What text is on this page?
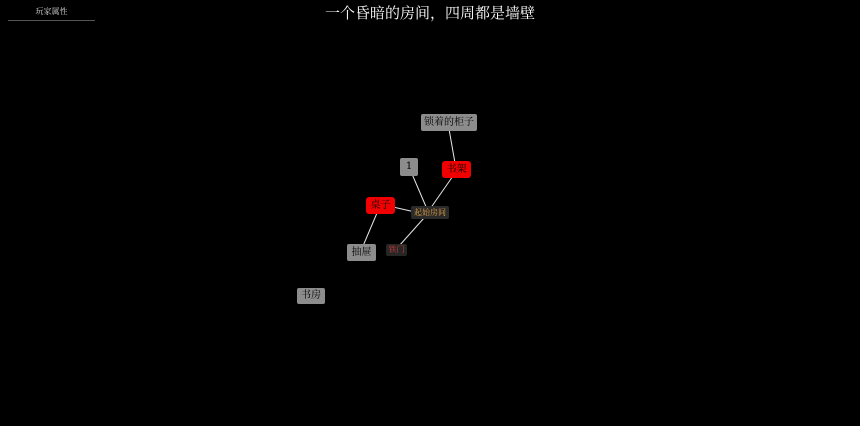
玩家属性	一个昏暗的房间，四周都是墙壁
锁着的柜子
1	书架
桌子
起始房间
抽屉	铁门
书房
